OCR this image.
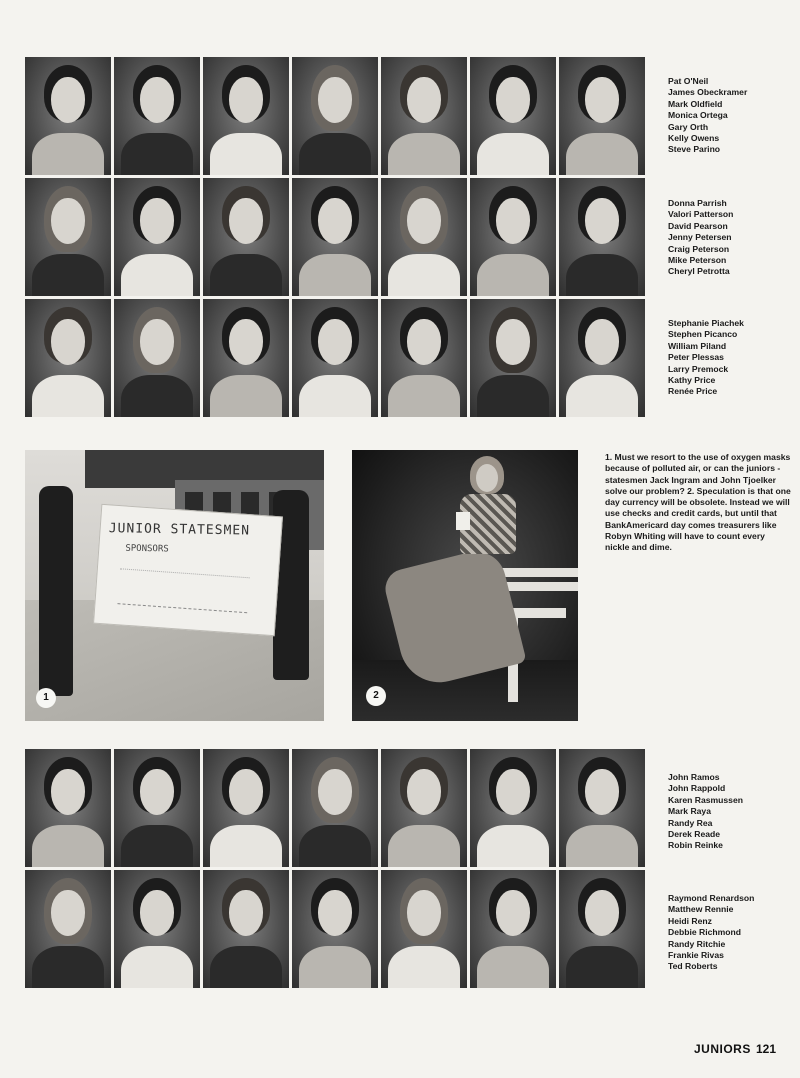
Pat O'Neil
James Obeckramer
Mark Oldfield
Monica Ortega
Gary Orth
Kelly Owens
Steve Parino
Donna Parrish
Valori Patterson
David Pearson
Jenny Petersen
Craig Peterson
Mike Peterson
Cheryl Petrotta
Stephanie Piachek
Stephen Picanco
William Piland
Peter Plessas
Larry Premock
Kathy Price
Renée Price
JUNIOR STATESMEN
SPONSORS
1	2

1. Must we resort to the use of oxygen masks because of polluted air, or can the juniors - statesmen Jack Ingram and John Tjoelker solve our problem? 2. Speculation is that one day currency will be obsolete. Instead we will use checks and credit cards, but until that BankAmericard day comes treasurers like Robyn Whiting will have to count every nickle and dime.

John Ramos
John Rappold
Karen Rasmussen
Mark Raya
Randy Rea
Derek Reade
Robin Reinke
Raymond Renardson
Matthew Rennie
Heidi Renz
Debbie Richmond
Randy Ritchie
Frankie Rivas
Ted Roberts
JUNIORS 121
